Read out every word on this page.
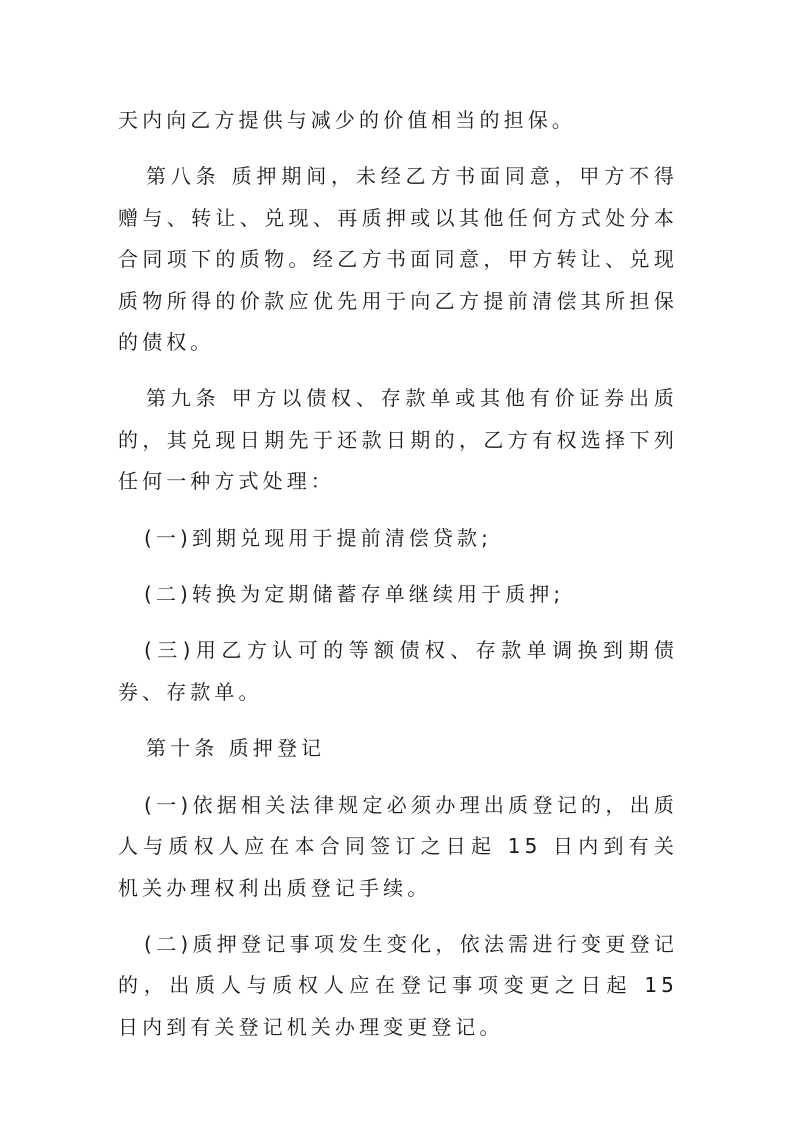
天内向乙方提供与减少的价值相当的担保。

第八条 质押期间，未经乙方书面同意，甲方不得赠与、转让、兑现、再质押或以其他任何方式处分本合同项下的质物。经乙方书面同意，甲方转让、兑现质物所得的价款应优先用于向乙方提前清偿其所担保的债权。

第九条 甲方以债权、存款单或其他有价证券出质的，其兑现日期先于还款日期的，乙方有权选择下列任何一种方式处理：

(一)到期兑现用于提前清偿贷款;

(二)转换为定期储蓄存单继续用于质押;

(三)用乙方认可的等额债权、存款单调换到期债券、存款单。

第十条 质押登记

(一)依据相关法律规定必须办理出质登记的，出质人与质权人应在本合同签订之日起 15 日内到有关机关办理权利出质登记手续。

(二)质押登记事项发生变化，依法需进行变更登记的，出质人与质权人应在登记事项变更之日起 15 日内到有关登记机关办理变更登记。
